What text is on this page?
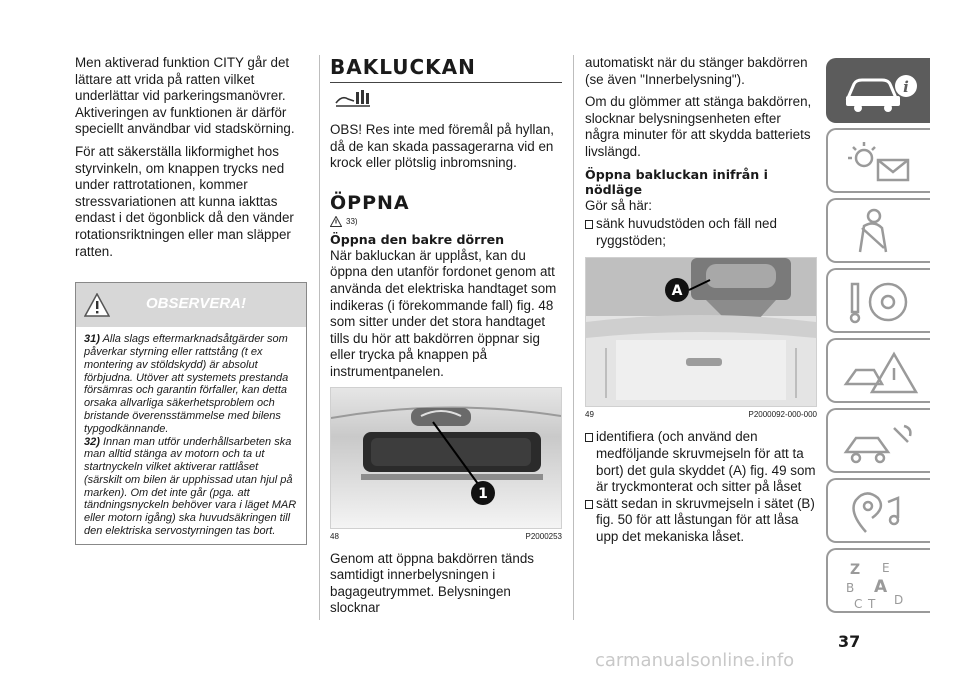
Men aktiverad funktion CITY går det lättare att vrida på ratten vilket underlättar vid parkeringsmanövrer. Aktiveringen av funktionen är därför speciellt användbar vid stadskörning.

För att säkerställa likformighet hos styrvinkeln, om knappen trycks ned under rattrotationen, kommer stressvariationen att kunna iakttas endast i det ögonblick då den vänder rotationsriktningen eller man släpper ratten.

OBSERVERA!
31) Alla slags eftermarknadsåtgärder som påverkar styrning eller rattstång (t ex montering av stöldskydd) är absolut förbjudna. Utöver att systemets prestanda försämras och garantin förfaller, kan detta orsaka allvarliga säkerhetsproblem och bristande överensstämmelse med bilens typgodkännande.
32) Innan man utför underhållsarbeten ska man alltid stänga av motorn och ta ut startnyckeln vilket aktiverar rattlåset (särskilt om bilen är upphissad utan hjul på marken). Om det inte går (pga. att tändningsnyckeln behöver vara i läget MAR eller motorn igång) ska huvudsäkringen till den elektriska servostyrningen tas bort.
BAKLUCKAN

OBS! Res inte med föremål på hyllan, då de kan skada passagerarna vid en krock eller plötslig inbromsning.

ÖPPNA
33)
Öppna den bakre dörren

När bakluckan är upplåst, kan du öppna den utanför fordonet genom att använda det elektriska handtaget som indikeras (i förekommande fall) fig. 48 som sitter under det stora handtaget tills du hör att bakdörren öppnar sig eller trycka på knappen på instrumentpanelen.

1
48	P2000253

Genom att öppna bakdörren tänds samtidigt innerbelysningen i bagageutrymmet. Belysningen slocknar

automatiskt när du stänger bakdörren (se även "Innerbelysning").

Om du glömmer att stänga bakdörren, slocknar belysningsenheten efter några minuter för att skydda batteriets livslängd.

Öppna bakluckan inifrån i nödläge

Gör så här:

sänk huvudstöden och fäll ned ryggstöden;

A
49	P2000092-000-000

identifiera (och använd den medföljande skruvmejseln för att ta bort) det gula skyddet (A) fig. 49 som är tryckmonterat och sitter på låset

sätt sedan in skruvmejseln i sätet (B) fig. 50 för att låstungan för att låsa upp det mekaniska låset.

i
Z E
B A
C T D
37
carmanualsonline.info
